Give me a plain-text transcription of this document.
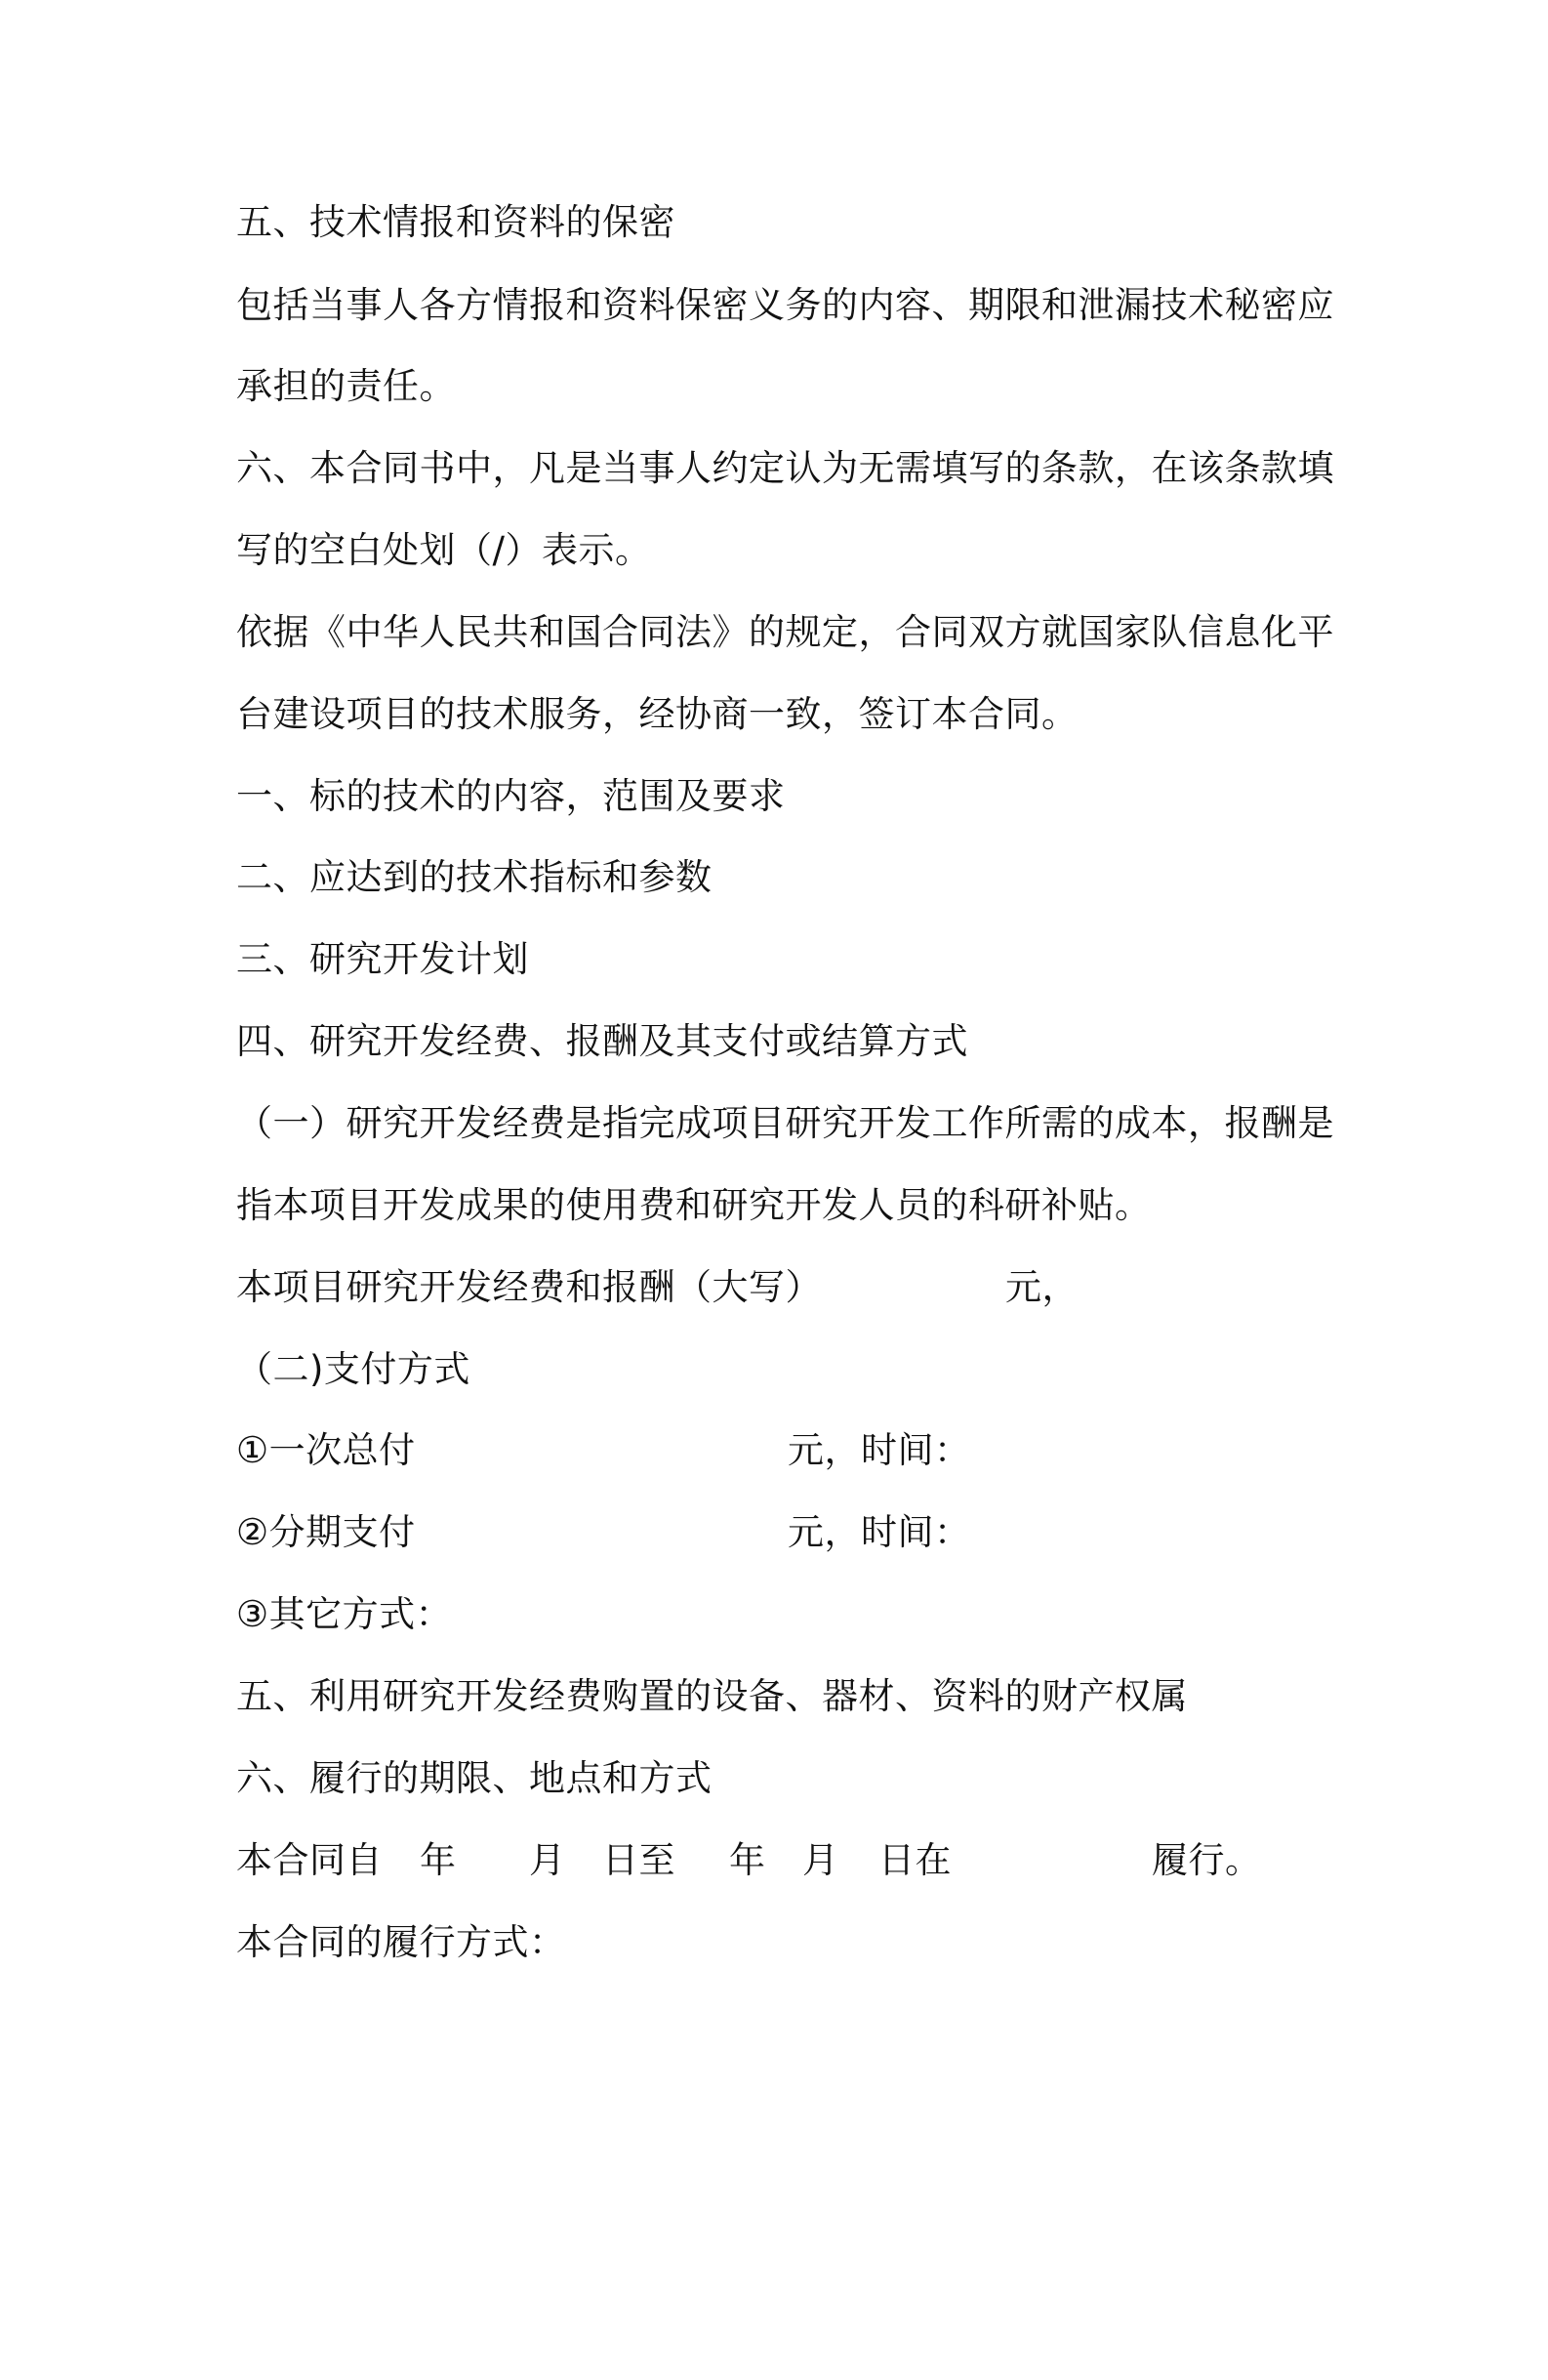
五、技术情报和资料的保密

包括当事人各方情报和资料保密义务的内容、期限和泄漏技术秘密应

承担的责任。

六、本合同书中，凡是当事人约定认为无需填写的条款，在该条款填

写的空白处划（/）表示。

依据《中华人民共和国合同法》的规定，合同双方就国家队信息化平

台建设项目的技术服务，经协商一致，签订本合同。

一、标的技术的内容，范围及要求

二、应达到的技术指标和参数

三、研究开发计划

四、研究开发经费、报酬及其支付或结算方式

（一）研究开发经费是指完成项目研究开发工作所需的成本，报酬是

指本项目开发成果的使用费和研究开发人员的科研补贴。

本项目研究开发经费和报酬（大写）

	元，

（二)支付方式

①一次总付

	元，时间：

②分期支付

	元，时间：

③其它方式：

五、利用研究开发经费购置的设备、器材、资料的财产权属

六、履行的期限、地点和方式

本合同自

年

月

日至

年

月

日在

	履行。

本合同的履行方式：
